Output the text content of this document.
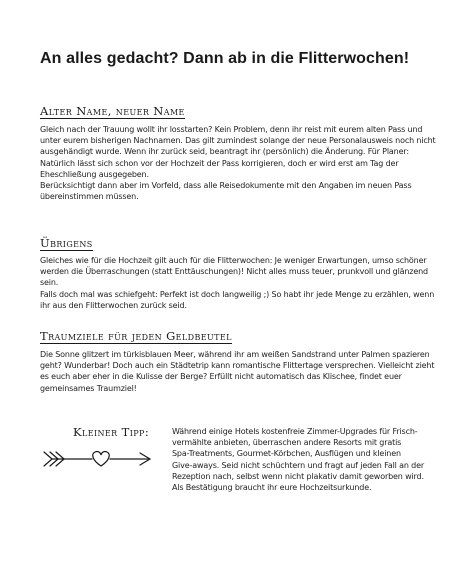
An alles gedacht? Dann ab in die Flitterwochen!
Alter Name, neuer Name

Gleich nach der Trauung wollt ihr losstarten? Kein Problem, denn ihr reist mit eurem alten Pass und unter eurem bisherigen Nachnamen. Das gilt zumindest solange der neue Personalausweis noch nicht ausgehändigt wurde. Wenn ihr zurück seid, beantragt ihr (persönlich) die Änderung. Für Planer: Natürlich lässt sich schon vor der Hochzeit der Pass korrigieren, doch er wird erst am Tag der Eheschließung ausgegeben.

Berücksichtigt dann aber im Vorfeld, dass alle Reisedokumente mit den Angaben im neuen Pass übereinstimmen müssen.

Übrigens

Gleiches wie für die Hochzeit gilt auch für die Flitterwochen: Je weniger Erwartungen, umso schöner werden die Überraschungen (statt Enttäuschungen)! Nicht alles muss teuer, prunkvoll und glänzend sein.

Falls doch mal was schiefgeht: Perfekt ist doch langweilig ;) So habt ihr jede Menge zu erzählen, wenn ihr aus den Flitterwochen zurück seid.

Traumziele für jeden Geldbeutel

Die Sonne glitzert im türkisblauen Meer, während ihr am weißen Sandstrand unter Palmen spazieren geht? Wunderbar! Doch auch ein Städtetrip kann romantische Flittertage versprechen. Vielleicht zieht es euch aber eher in die Kulisse der Berge? Erfüllt nicht automatisch das Klischee, findet euer gemeinsames Traumziel!

Kleiner Tipp:	Während einige Hotels kostenfreie Zimmer-Upgrades für Frisch-

vermählte anbieten, überraschen andere Resorts mit gratis

Spa-Treatments, Gourmet-Körbchen, Ausflügen und kleinen

Give-aways. Seid nicht schüchtern und fragt auf jeden Fall an der

Rezeption nach, selbst wenn nicht plakativ damit geworben wird.

Als Bestätigung braucht ihr eure Hochzeitsurkunde.
